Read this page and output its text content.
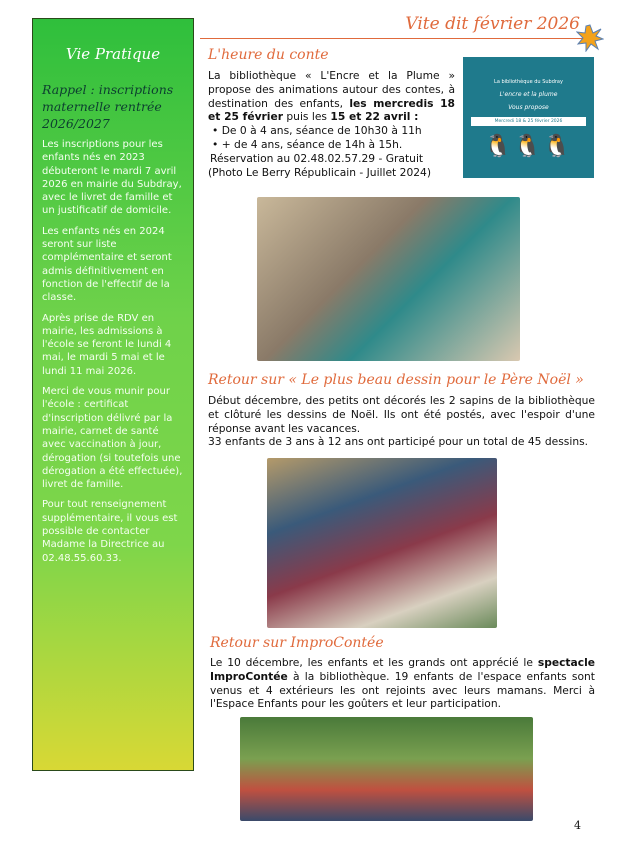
Vie Pratique
Rappel : inscriptions maternelle rentrée 2026/2027

Les inscriptions pour les enfants nés en 2023 débuteront le mardi 7 avril 2026 en mairie du Subdray, avec le livret de famille et un justificatif de domicile.

Les enfants nés en 2024 seront sur liste complémentaire et seront admis définitivement en fonction de l'effectif de la classe.

Après prise de RDV en mairie, les admissions à l'école se feront le lundi 4 mai, le mardi 5 mai et le lundi 11 mai 2026.

Merci de vous munir pour l'école : certificat d'inscription délivré par la mairie, carnet de santé avec vaccination à jour, dérogation (si toutefois une dérogation a été effectuée), livret de famille.

Pour tout renseignement supplémentaire, il vous est possible de contacter Madame la Directrice au 02.48.55.60.33.

Vite dit février 2026
L'heure du conte
La bibliothèque « L'Encre et la Plume » propose des animations autour des contes, à destination des enfants, les mercredis 18 et 25 février puis les 15 et 22 avril :
• De 0 à 4 ans, séance de 10h30 à 11h
• + de 4 ans, séance de 14h à 15h.
Réservation au 02.48.02.57.29 - Gratuit
(Photo Le Berry Républicain - Juillet 2024)
La bibliothèque du Subdray
L'encre et la plume
Vous propose
Mercredi 18 & 25 février 2026
🐧🐧🐧
Retour sur « Le plus beau dessin pour le Père Noël »
Début décembre, des petits ont décorés les 2 sapins de la bibliothèque et clôturé les dessins de Noël. Ils ont été postés, avec l'espoir d'une réponse avant les vacances.
33 enfants de 3 ans à 12 ans ont participé pour un total de 45 dessins.
Retour sur ImproContée
Le 10 décembre, les enfants et les grands ont apprécié le spectacle ImproContée à la bibliothèque. 19 enfants de l'espace enfants sont venus et 4 extérieurs les ont rejoints avec leurs mamans. Merci à l'Espace Enfants pour les goûters et leur participation.
4
